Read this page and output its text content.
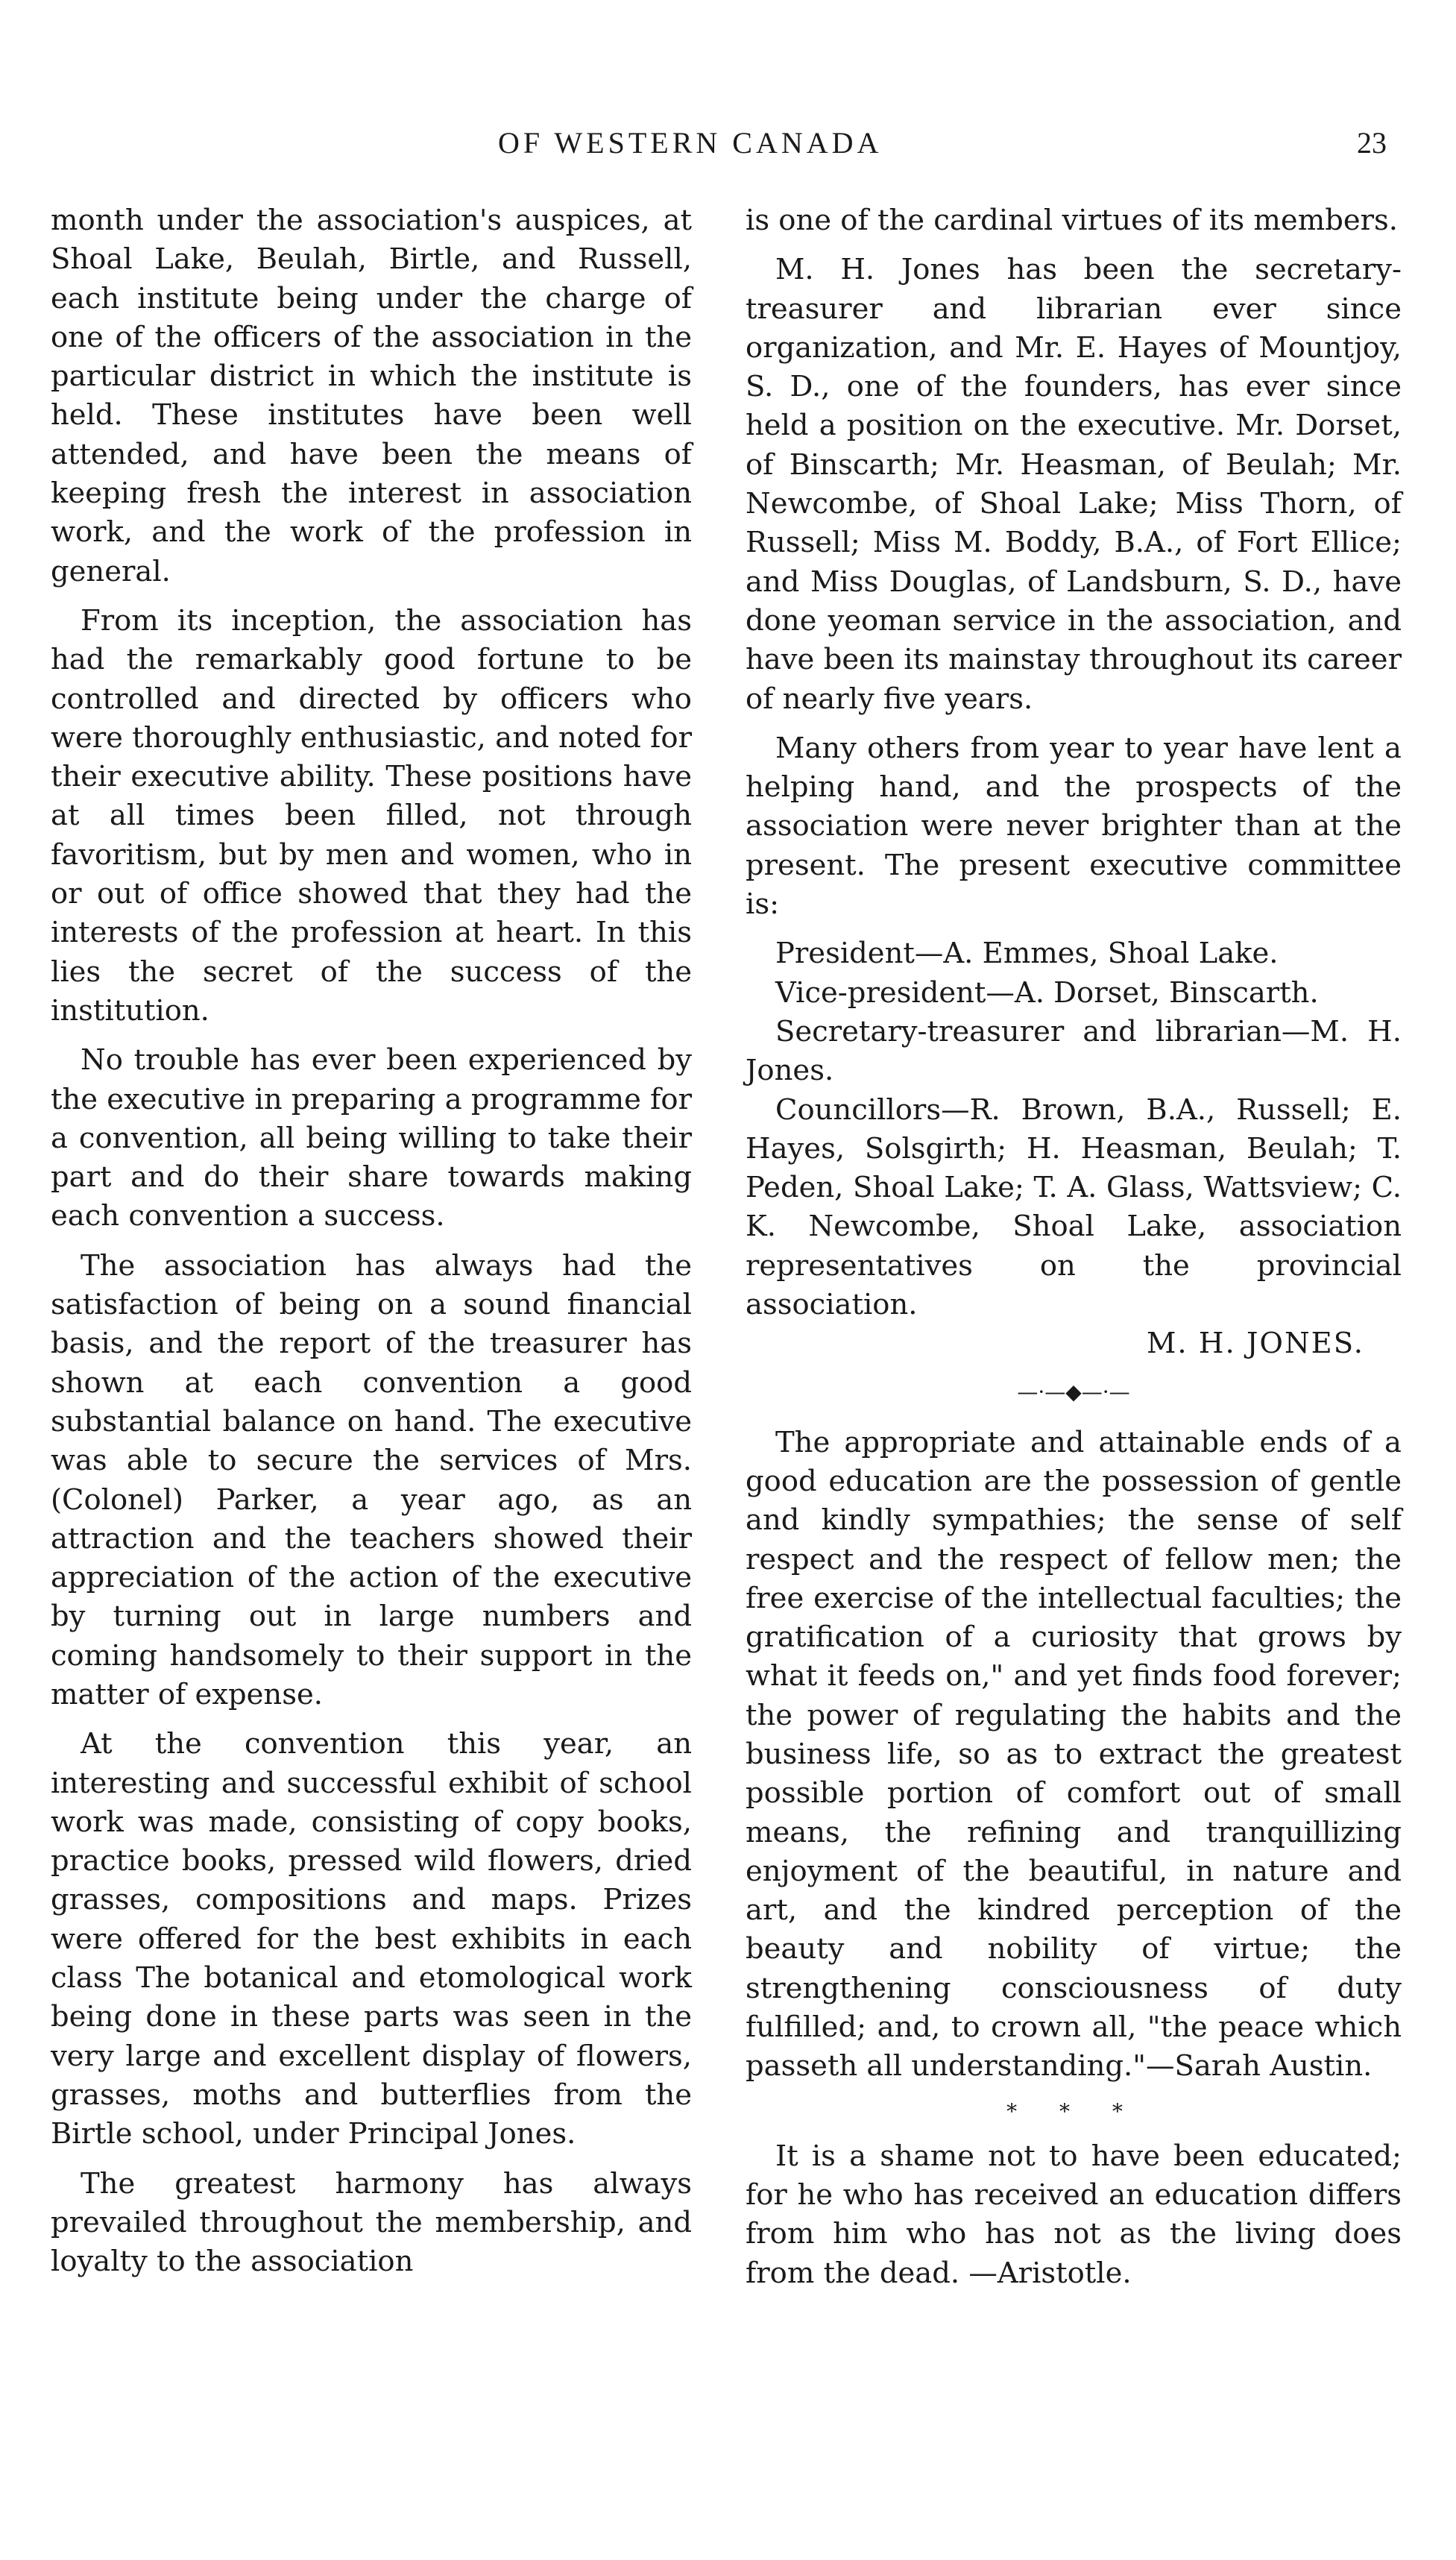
OF WESTERN CANADA	23

month under the association's auspices, at Shoal Lake, Beulah, Birtle, and Russell, each institute being under the charge of one of the officers of the association in the particular district in which the institute is held. These institutes have been well attended, and have been the means of keeping fresh the interest in association work, and the work of the profession in general.

From its inception, the association has had the remarkably good fortune to be controlled and directed by officers who were thoroughly enthusiastic, and noted for their executive ability. These positions have at all times been filled, not through favoritism, but by men and women, who in or out of office showed that they had the interests of the profession at heart. In this lies the secret of the success of the institution.

No trouble has ever been experienced by the executive in preparing a programme for a convention, all being willing to take their part and do their share towards making each convention a success.

The association has always had the satisfaction of being on a sound financial basis, and the report of the treasurer has shown at each convention a good substantial balance on hand. The executive was able to secure the services of Mrs. (Colonel) Parker, a year ago, as an attraction and the teachers showed their appreciation of the action of the executive by turning out in large numbers and coming handsomely to their support in the matter of expense.

At the convention this year, an interesting and successful exhibit of school work was made, consisting of copy books, practice books, pressed wild flowers, dried grasses, compositions and maps. Prizes were offered for the best exhibits in each class The botanical and etomological work being done in these parts was seen in the very large and excellent display of flowers, grasses, moths and butterflies from the Birtle school, under Principal Jones.

The greatest harmony has always prevailed throughout the membership, and loyalty to the association

is one of the cardinal virtues of its members.

M. H. Jones has been the secretary-treasurer and librarian ever since organization, and Mr. E. Hayes of Mountjoy, S. D., one of the founders, has ever since held a position on the executive. Mr. Dorset, of Binscarth; Mr. Heasman, of Beulah; Mr. Newcombe, of Shoal Lake; Miss Thorn, of Russell; Miss M. Boddy, B.A., of Fort Ellice; and Miss Douglas, of Landsburn, S. D., have done yeoman service in the association, and have been its mainstay throughout its career of nearly five years.

Many others from year to year have lent a helping hand, and the prospects of the association were never brighter than at the present. The present executive committee is:

President—A. Emmes, Shoal Lake.

Vice-president—A. Dorset, Binscarth.

Secretary-treasurer and librarian—M. H. Jones.

Councillors—R. Brown, B.A., Russell; E. Hayes, Solsgirth; H. Heasman, Beulah; T. Peden, Shoal Lake; T. A. Glass, Wattsview; C. K. Newcombe, Shoal Lake, association representatives on the provincial association.

M. H. JONES.

—·—◆—·—

The appropriate and attainable ends of a good education are the possession of gentle and kindly sympathies; the sense of self respect and the respect of fellow men; the free exercise of the intellectual faculties; the gratification of a curiosity that grows by what it feeds on," and yet finds food forever; the power of regulating the habits and the business life, so as to extract the greatest possible portion of comfort out of small means, the refining and tranquillizing enjoyment of the beautiful, in nature and art, and the kindred perception of the beauty and nobility of virtue; the strengthening consciousness of duty fulfilled; and, to crown all, "the peace which passeth all understanding."—Sarah Austin.

* * *

It is a shame not to have been educated; for he who has received an education differs from him who has not as the living does from the dead. —Aristotle.
